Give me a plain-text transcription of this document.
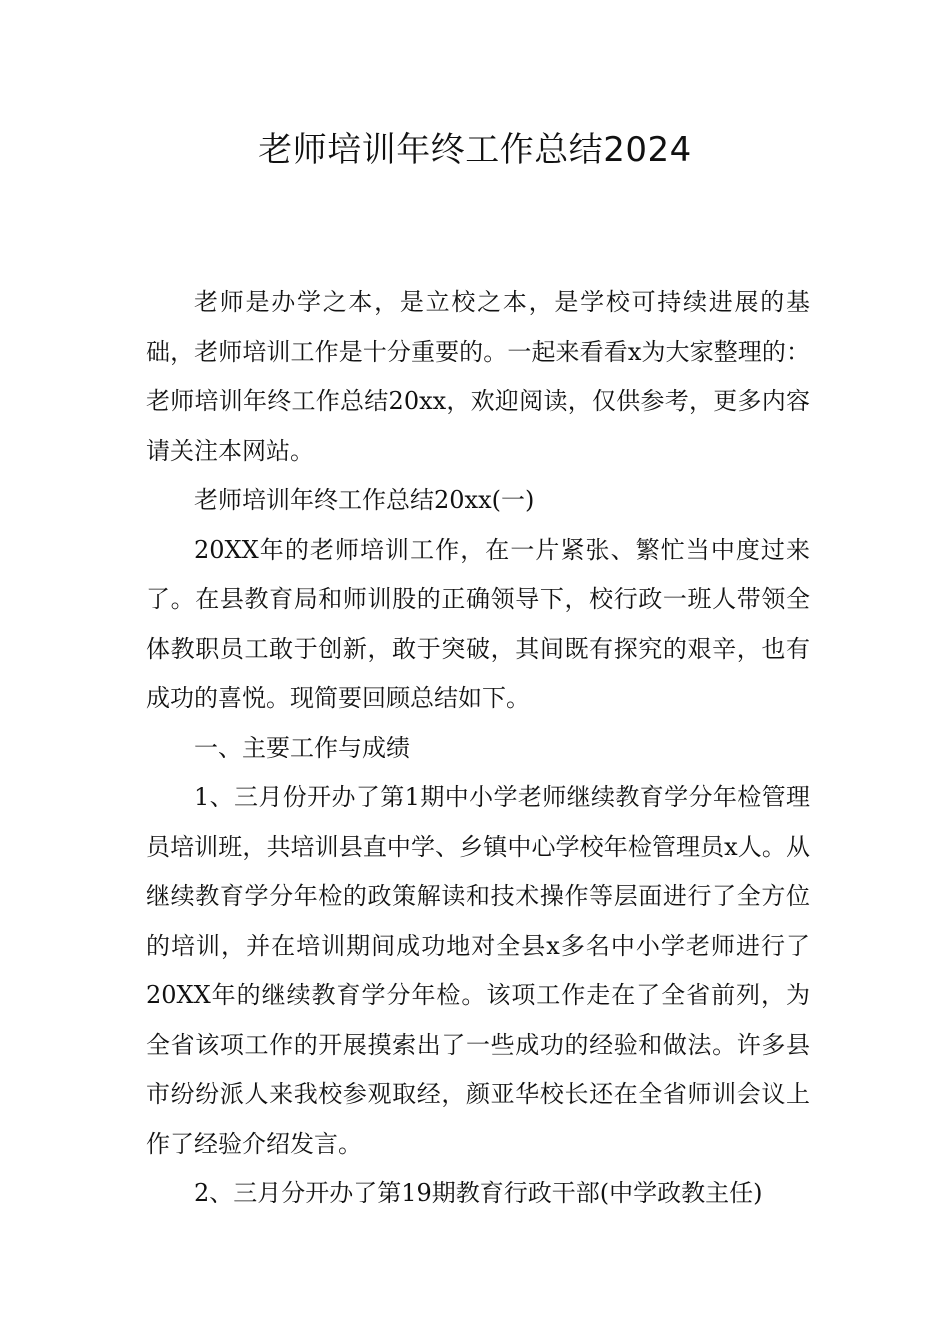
老师培训年终工作总结2024

老师是办学之本，是立校之本，是学校可持续进展的基础，老师培训工作是十分重要的。一起来看看x为大家整理的：老师培训年终工作总结20xx，欢迎阅读，仅供参考，更多内容请关注本网站。

老师培训年终工作总结20xx(一)

20XX年的老师培训工作，在一片紧张、繁忙当中度过来了。在县教育局和师训股的正确领导下，校行政一班人带领全体教职员工敢于创新，敢于突破，其间既有探究的艰辛，也有成功的喜悦。现简要回顾总结如下。

一、主要工作与成绩

1、三月份开办了第1期中小学老师继续教育学分年检管理员培训班，共培训县直中学、乡镇中心学校年检管理员x人。从继续教育学分年检的政策解读和技术操作等层面进行了全方位的培训，并在培训期间成功地对全县x多名中小学老师进行了20XX年的继续教育学分年检。该项工作走在了全省前列，为全省该项工作的开展摸索出了一些成功的经验和做法。许多县市纷纷派人来我校参观取经，颜亚华校长还在全省师训会议上作了经验介绍发言。

2、三月分开办了第19期教育行政干部(中学政教主任)
